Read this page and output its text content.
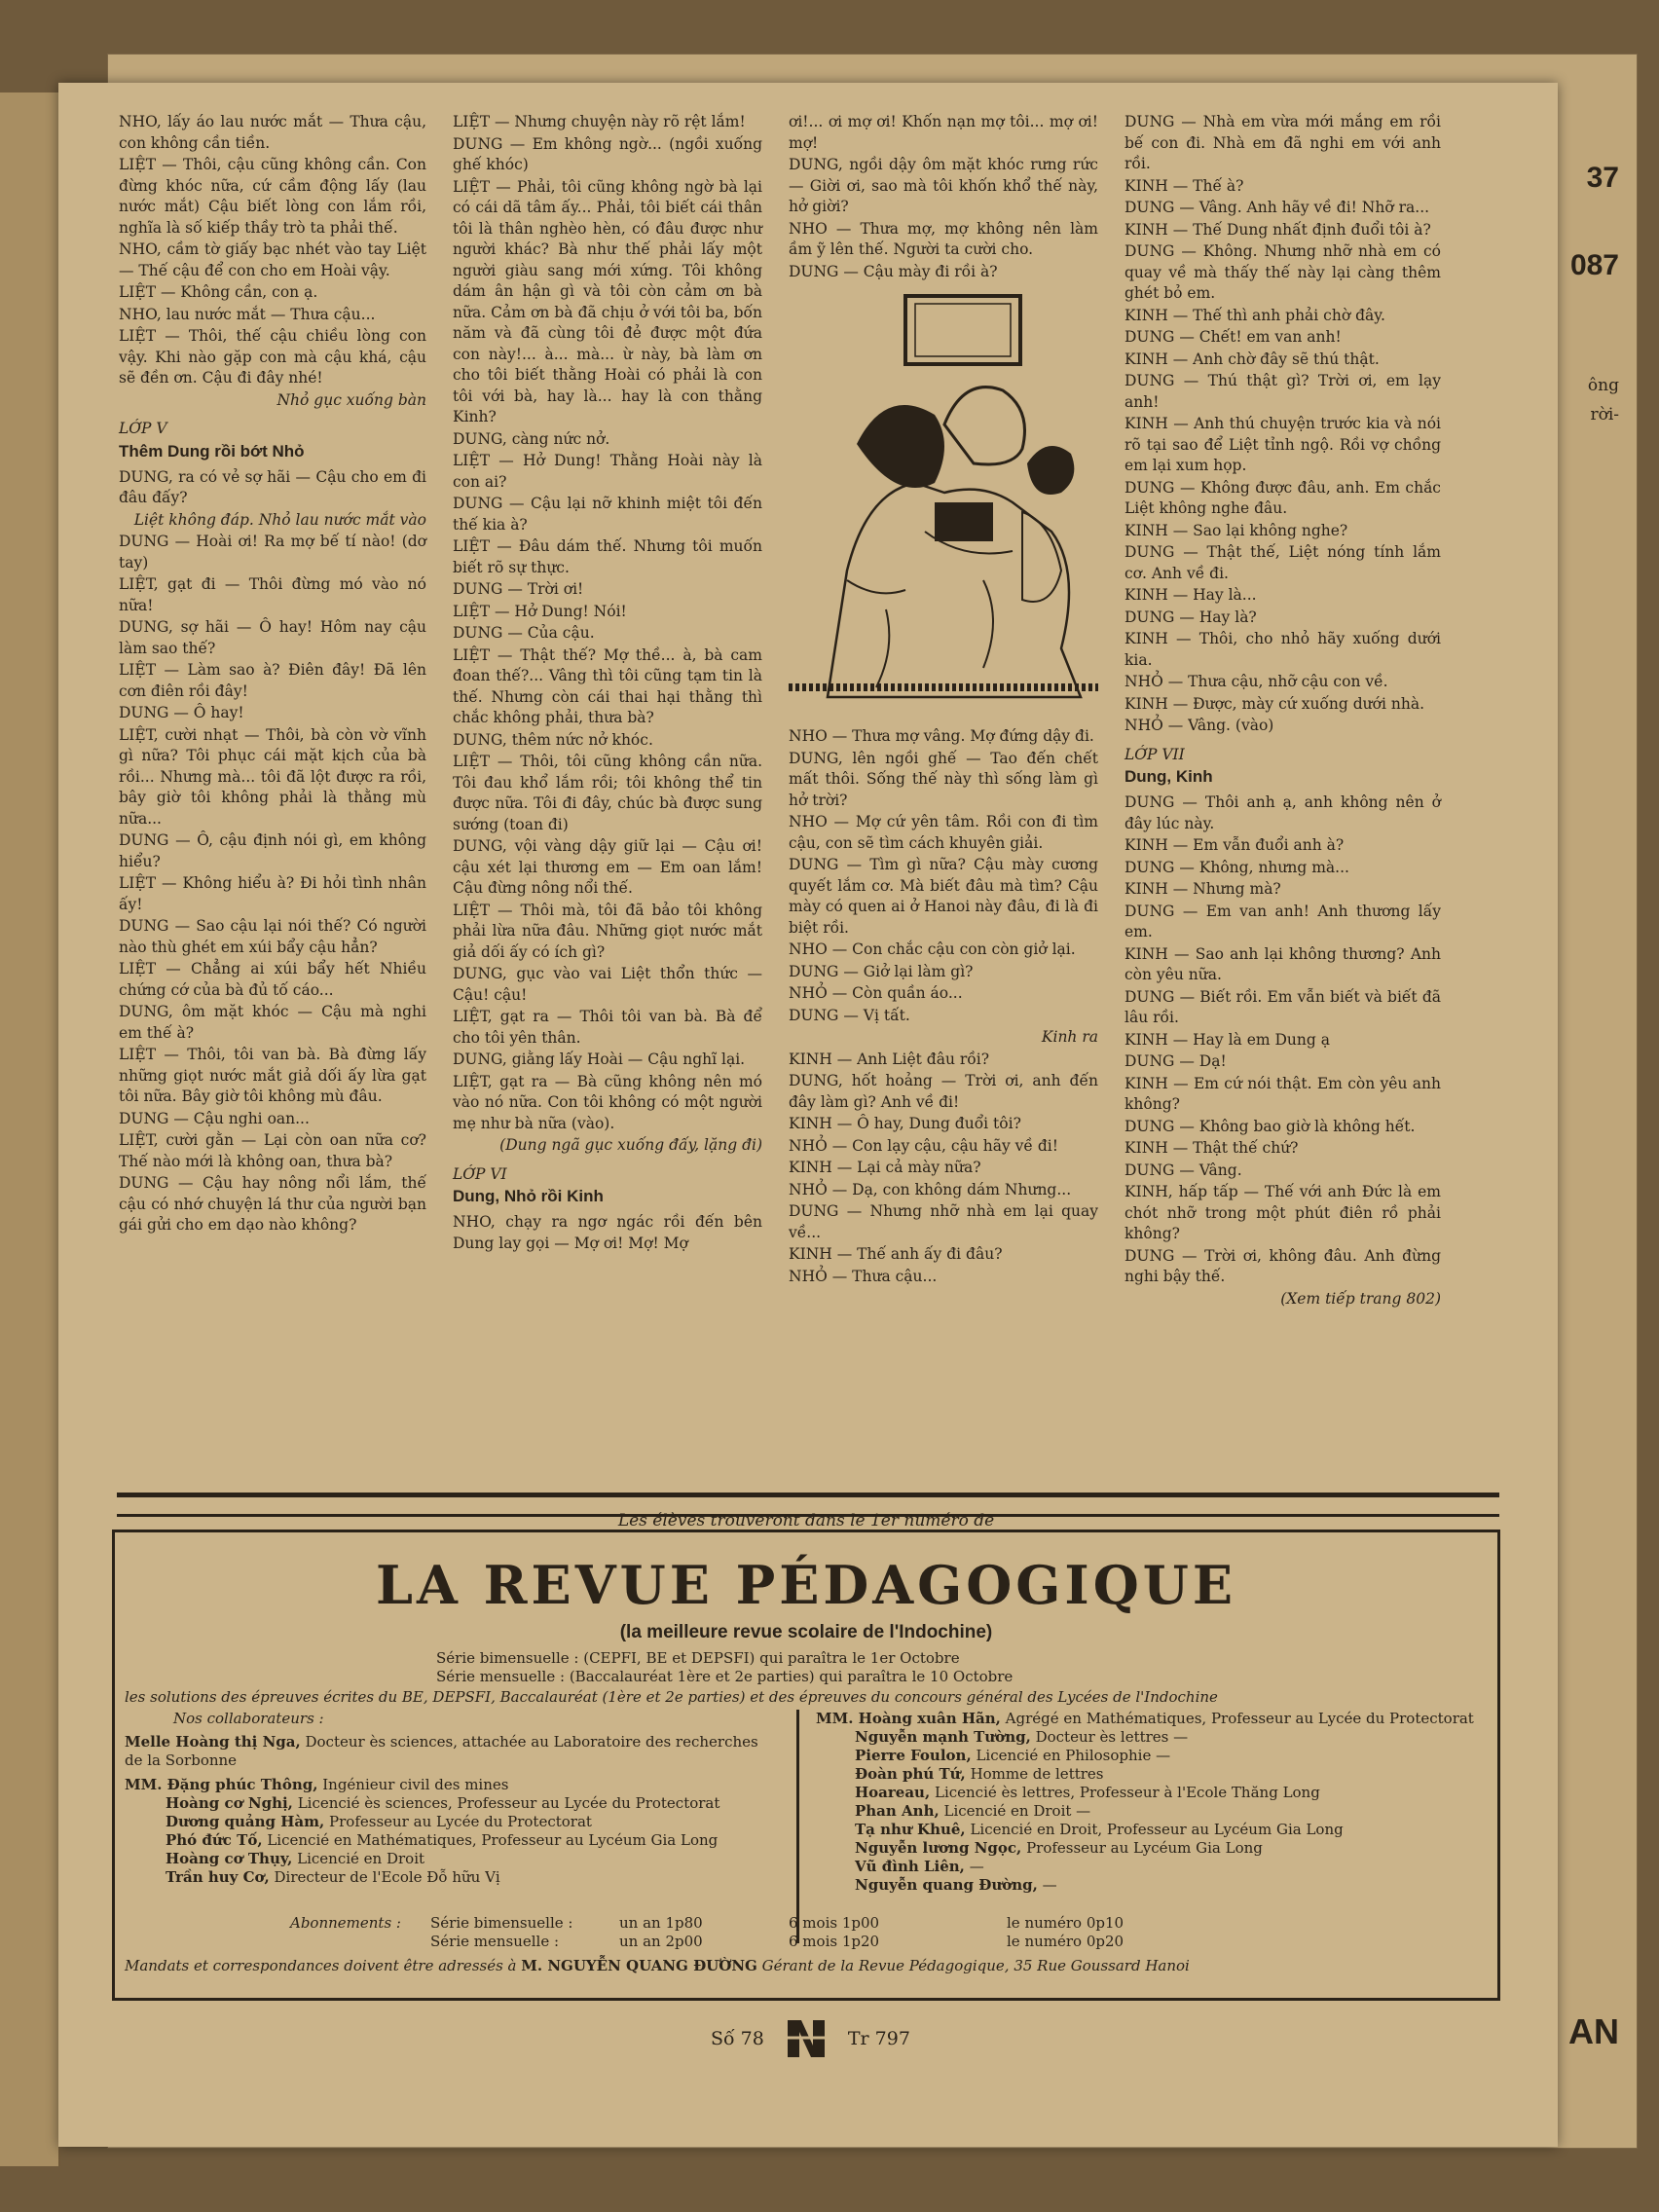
37
087
ông
rời-
AN

NHO, lấy áo lau nước mắt — Thưa cậu, con không cần tiền.

LIỆT — Thôi, cậu cũng không cần. Con đừng khóc nữa, cứ cầm động lấy (lau nước mắt) Cậu biết lòng con lắm rồi, nghĩa là số kiếp thầy trò ta phải thế.

NHO, cầm tờ giấy bạc nhét vào tay Liệt — Thế cậu để con cho em Hoài vậy.

LIỆT — Không cần, con ạ.

NHO, lau nước mắt — Thưa cậu...

LIỆT — Thôi, thế cậu chiều lòng con vậy. Khi nào gặp con mà cậu khá, cậu sẽ đền ơn. Cậu đi đây nhé!

Nhỏ gục xuống bàn

LỚP V

Thêm Dung rồi bớt Nhỏ

DUNG, ra có vẻ sợ hãi — Cậu cho em đi đâu đấy?

Liệt không đáp. Nhỏ lau nước mắt vào

DUNG — Hoài ơi! Ra mợ bế tí nào! (dơ tay)

LIỆT, gạt đi — Thôi đừng mó vào nó nữa!

DUNG, sợ hãi — Ô hay! Hôm nay cậu làm sao thế?

LIỆT — Làm sao à? Điên đây! Đã lên cơn điên rồi đây!

DUNG — Ô hay!

LIỆT, cười nhạt — Thôi, bà còn vờ vĩnh gì nữa? Tôi phục cái mặt kịch của bà rồi... Nhưng mà... tôi đã lột được ra rồi, bây giờ tôi không phải là thằng mù nữa...

DUNG — Ô, cậu định nói gì, em không hiểu?

LIỆT — Không hiểu à? Đi hỏi tình nhân ấy!

DUNG — Sao cậu lại nói thế? Có người nào thù ghét em xúi bẩy cậu hẳn?

LIỆT — Chẳng ai xúi bẩy hết Nhiều chứng cớ của bà đủ tố cáo...

DUNG, ôm mặt khóc — Cậu mà nghi em thế à?

LIỆT — Thôi, tôi van bà. Bà đừng lấy những giọt nước mắt giả dối ấy lừa gạt tôi nữa. Bây giờ tôi không mù đâu.

DUNG — Cậu nghi oan...

LIỆT, cười gằn — Lại còn oan nữa cơ? Thế nào mới là không oan, thưa bà?

DUNG — Cậu hay nông nổi lắm, thế cậu có nhớ chuyện lá thư của người bạn gái gửi cho em dạo nào không?

LIỆT — Nhưng chuyện này rõ rệt lắm!

DUNG — Em không ngờ... (ngồi xuống ghế khóc)

LIỆT — Phải, tôi cũng không ngờ bà lại có cái dã tâm ấy... Phải, tôi biết cái thân tôi là thân nghèo hèn, có đâu được như người khác? Bà như thế phải lấy một người giàu sang mới xứng. Tôi không dám ân hận gì và tôi còn cảm ơn bà nữa. Cảm ơn bà đã chịu ở với tôi ba, bốn năm và đã cùng tôi đẻ được một đứa con này!... à... mà... ừ này, bà làm ơn cho tôi biết thằng Hoài có phải là con tôi với bà, hay là... hay là con thằng Kinh?

DUNG, càng nức nở.

LIỆT — Hở Dung! Thằng Hoài này là con ai?

DUNG — Cậu lại nỡ khinh miệt tôi đến thế kia à?

LIỆT — Đâu dám thế. Nhưng tôi muốn biết rõ sự thực.

DUNG — Trời ơi!

LIỆT — Hở Dung! Nói!

DUNG — Của cậu.

LIỆT — Thật thế? Mợ thề... à, bà cam đoan thế?... Vâng thì tôi cũng tạm tin là thế. Nhưng còn cái thai hại thằng thì chắc không phải, thưa bà?

DUNG, thêm nức nở khóc.

LIỆT — Thôi, tôi cũng không cần nữa. Tôi đau khổ lắm rồi; tôi không thể tin được nữa. Tôi đi đây, chúc bà được sung sướng (toan đi)

DUNG, vội vàng dậy giữ lại — Cậu ơi! cậu xét lại thương em — Em oan lắm! Cậu đừng nông nổi thế.

LIỆT — Thôi mà, tôi đã bảo tôi không phải lừa nữa đâu. Những giọt nước mắt giả dối ấy có ích gì?

DUNG, gục vào vai Liệt thổn thức — Cậu! cậu!

LIỆT, gạt ra — Thôi tôi van bà. Bà để cho tôi yên thân.

DUNG, giằng lấy Hoài — Cậu nghĩ lại.

LIỆT, gạt ra — Bà cũng không nên mó vào nó nữa. Con tôi không có một người mẹ như bà nữa (vào).

(Dung ngã gục xuống đấy, lặng đi)

LỚP VI

Dung, Nhỏ rồi Kinh

NHO, chạy ra ngơ ngác rồi đến bên Dung lay gọi — Mợ ơi! Mợ! Mợ

ơi!... ơi mợ ơi! Khốn nạn mợ tôi... mợ ơi! mợ!

DUNG, ngồi dậy ôm mặt khóc rưng rức — Giời ơi, sao mà tôi khốn khổ thế này, hở giời?

NHO — Thưa mợ, mợ không nên làm ầm ỹ lên thế. Người ta cười cho.

DUNG — Cậu mày đi rồi à?

NHO — Thưa mợ vâng. Mợ đứng dậy đi.

DUNG, lên ngồi ghế — Tao đến chết mất thôi. Sống thế này thì sống làm gì hở trời?

NHO — Mợ cứ yên tâm. Rồi con đi tìm cậu, con sẽ tìm cách khuyên giải.

DUNG — Tìm gì nữa? Cậu mày cương quyết lắm cơ. Mà biết đâu mà tìm? Cậu mày có quen ai ở Hanoi này đâu, đi là đi biệt rồi.

NHO — Con chắc cậu con còn giở lại.

DUNG — Giở lại làm gì?

NHỎ — Còn quần áo...

DUNG — Vị tất.

Kinh ra

KINH — Anh Liệt đâu rồi?

DUNG, hốt hoảng — Trời ơi, anh đến đây làm gì? Anh về đi!

KINH — Ô hay, Dung đuổi tôi?

NHỎ — Con lạy cậu, cậu hãy về đi!

KINH — Lại cả mày nữa?

NHỎ — Dạ, con không dám Nhưng...

DUNG — Nhưng nhỡ nhà em lại quay về...

KINH — Thế anh ấy đi đâu?

NHỎ — Thưa cậu...

DUNG — Nhà em vừa mới mắng em rồi bế con đi. Nhà em đã nghi em với anh rồi.

KINH — Thế à?

DUNG — Vâng. Anh hãy về đi! Nhỡ ra...

KINH — Thế Dung nhất định đuổi tôi à?

DUNG — Không. Nhưng nhỡ nhà em có quay về mà thấy thế này lại càng thêm ghét bỏ em.

KINH — Thế thì anh phải chờ đây.

DUNG — Chết! em van anh!

KINH — Anh chờ đây sẽ thú thật.

DUNG — Thú thật gì? Trời ơi, em lạy anh!

KINH — Anh thú chuyện trước kia và nói rõ tại sao để Liệt tỉnh ngộ. Rồi vợ chồng em lại xum họp.

DUNG — Không được đâu, anh. Em chắc Liệt không nghe đâu.

KINH — Sao lại không nghe?

DUNG — Thật thế, Liệt nóng tính lắm cơ. Anh về đi.

KINH — Hay là...

DUNG — Hay là?

KINH — Thôi, cho nhỏ hãy xuống dưới kia.

NHỎ — Thưa cậu, nhỡ cậu con về.

KINH — Được, mày cứ xuống dưới nhà.

NHỎ — Vâng. (vào)

LỚP VII

Dung, Kinh

DUNG — Thôi anh ạ, anh không nên ở đây lúc này.

KINH — Em vẫn đuổi anh à?

DUNG — Không, nhưng mà...

KINH — Nhưng mà?

DUNG — Em van anh! Anh thương lấy em.

KINH — Sao anh lại không thương? Anh còn yêu nữa.

DUNG — Biết rồi. Em vẫn biết và biết đã lâu rồi.

KINH — Hay là em Dung ạ

DUNG — Dạ!

KINH — Em cứ nói thật. Em còn yêu anh không?

DUNG — Không bao giờ là không hết.

KINH — Thật thế chứ?

DUNG — Vâng.

KINH, hấp tấp — Thế với anh Đức là em chót nhỡ trong một phút điên rồ phải không?

DUNG — Trời ơi, không đâu. Anh đừng nghi bậy thế.

(Xem tiếp trang 802)

Les élèves trouveront dans le 1er numéro de
LA REVUE PÉDAGOGIQUE
(la meilleure revue scolaire de l'Indochine)
Série bimensuelle : (CEPFI, BE et DEPSFI) qui paraîtra le 1er Octobre
Série mensuelle : (Baccalauréat 1ère et 2e parties) qui paraîtra le 10 Octobre
les solutions des épreuves écrites du BE, DEPSFI, Baccalauréat (1ère et 2e parties) et des épreuves du concours général des Lycées de l'Indochine
Nos collaborateurs :
Melle Hoàng thị Nga, Docteur ès sciences, attachée au Laboratoire des recherches de la Sorbonne
MM. Đặng phúc Thông, Ingénieur civil des mines
Hoàng cơ Nghị, Licencié ès sciences, Professeur au Lycée du Protectorat
Dương quảng Hàm, Professeur au Lycée du Protectorat
Phó đức Tố, Licencié en Mathématiques, Professeur au Lycéum Gia Long
Hoàng cơ Thụy, Licencié en Droit
Trần huy Cơ, Directeur de l'Ecole Đỗ hữu Vị
MM. Hoàng xuân Hãn, Agrégé en Mathématiques, Professeur au Lycée du Protectorat
Nguyễn mạnh Tường, Docteur ès lettres —
Pierre Foulon, Licencié en Philosophie —
Đoàn phú Tứ, Homme de lettres
Hoareau, Licencié ès lettres, Professeur à l'Ecole Thăng Long
Phan Anh, Licencié en Droit —
Tạ như Khuê, Licencié en Droit, Professeur au Lycéum Gia Long
Nguyễn lương Ngọc, Professeur au Lycéum Gia Long
Vũ đình Liên, —
Nguyễn quang Đường, —
Abonnements :	Série bimensuelle :	un an 1p80	6 mois 1p00	le numéro 0p10
Série mensuelle :	un an 2p00	6 mois 1p20	le numéro 0p20
Mandats et correspondances doivent être adressés à M. NGUYỄN QUANG ĐƯỜNG Gérant de la Revue Pédagogique, 35 Rue Goussard Hanoi
Số 78	Tr 797
